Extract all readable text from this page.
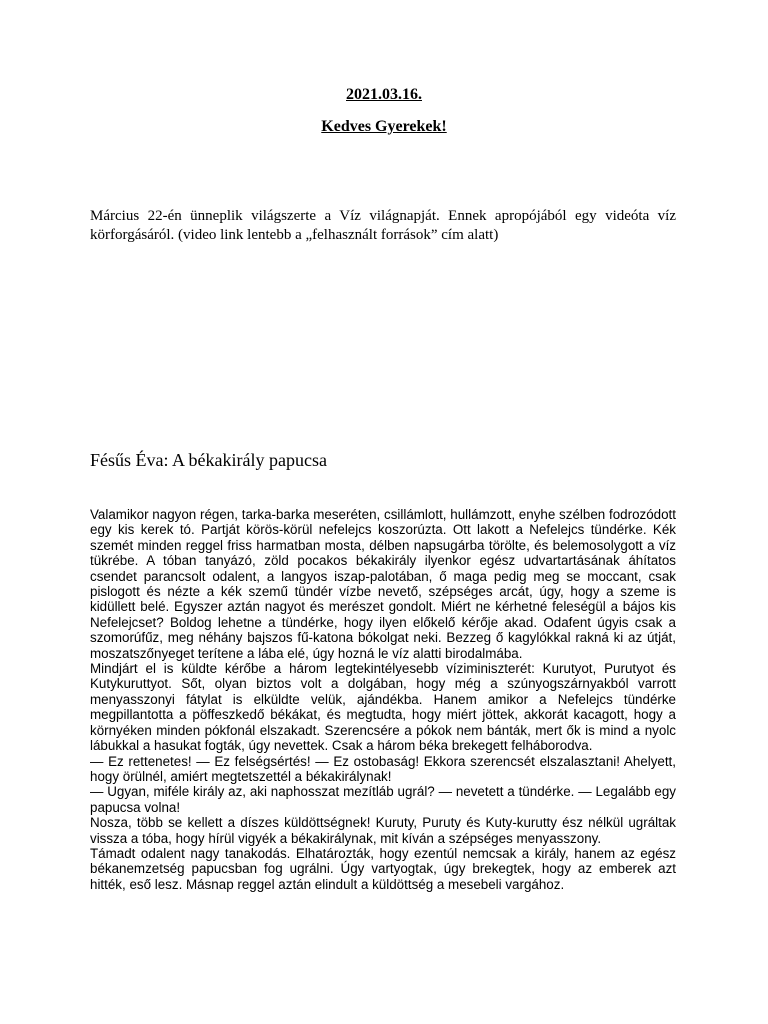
2021.03.16.
Kedves Gyerekek!
Március 22-én ünneplik világszerte a Víz világnapját. Ennek apropójából egy videóta víz körforgásáról. (video link lentebb a „felhasznált források” cím alatt)
Fésűs Éva: A békakirály papucsa

Valamikor nagyon régen, tarka-barka meseréten, csillámlott, hullámzott, enyhe szélben fodrozódott egy kis kerek tó. Partját körös-körül nefelejcs koszorúzta. Ott lakott a Nefelejcs tündérke. Kék szemét minden reggel friss harmatban mosta, délben napsugárba törölte, és belemosolygott a víz tükrébe. A tóban tanyázó, zöld pocakos békakirály ilyenkor egész udvartartásának áhítatos csendet parancsolt odalent, a langyos iszap-palotában, ő maga pedig meg se moccant, csak pislogott és nézte a kék szemű tündér vízbe nevető, szépséges arcát, úgy, hogy a szeme is kidüllett belé. Egyszer aztán nagyot és merészet gondolt. Miért ne kérhetné feleségül a bájos kis Nefelejcset? Boldog lehetne a tündérke, hogy ilyen előkelő kérője akad. Odafent úgyis csak a szomorúfűz, meg néhány bajszos fű-katona bókolgat neki. Bezzeg ő kagylókkal rakná ki az útját, moszatszőnyeget terítene a lába elé, úgy hozná le víz alatti birodalmába.

Mindjárt el is küldte kérőbe a három legtekintélyesebb víziminiszterét: Kurutyot, Purutyot és Kutykuruttyot. Sőt, olyan biztos volt a dolgában, hogy még a szúnyogszárnyakból varrott menyasszonyi fátylat is elküldte velük, ajándékba. Hanem amikor a Nefelejcs tündérke megpillantotta a pöffeszkedő békákat, és megtudta, hogy miért jöttek, akkorát kacagott, hogy a környéken minden pókfonál elszakadt. Szerencsére a pókok nem bánták, mert ők is mind a nyolc lábukkal a hasukat fogták, úgy nevettek. Csak a három béka brekegett felháborodva.

— Ez rettenetes! — Ez felségsértés! — Ez ostobaság! Ekkora szerencsét elszalasztani! Ahelyett, hogy örülnél, amiért megtetszettél a békakirálynak!

— Ugyan, miféle király az, aki naphosszat mezítláb ugrál? — nevetett a tündérke. — Legalább egy papucsa volna!

Nosza, több se kellett a díszes küldöttségnek! Kuruty, Puruty és Kuty-kurutty ész nélkül ugráltak vissza a tóba, hogy hírül vigyék a békakirálynak, mit kíván a szépséges menyasszony.

Támadt odalent nagy tanakodás. Elhatározták, hogy ezentúl nemcsak a király, hanem az egész békanemzetség papucsban fog ugrálni. Úgy vartyogtak, úgy brekegtek, hogy az emberek azt hitték, eső lesz. Másnap reggel aztán elindult a küldöttség a mesebeli vargához.
